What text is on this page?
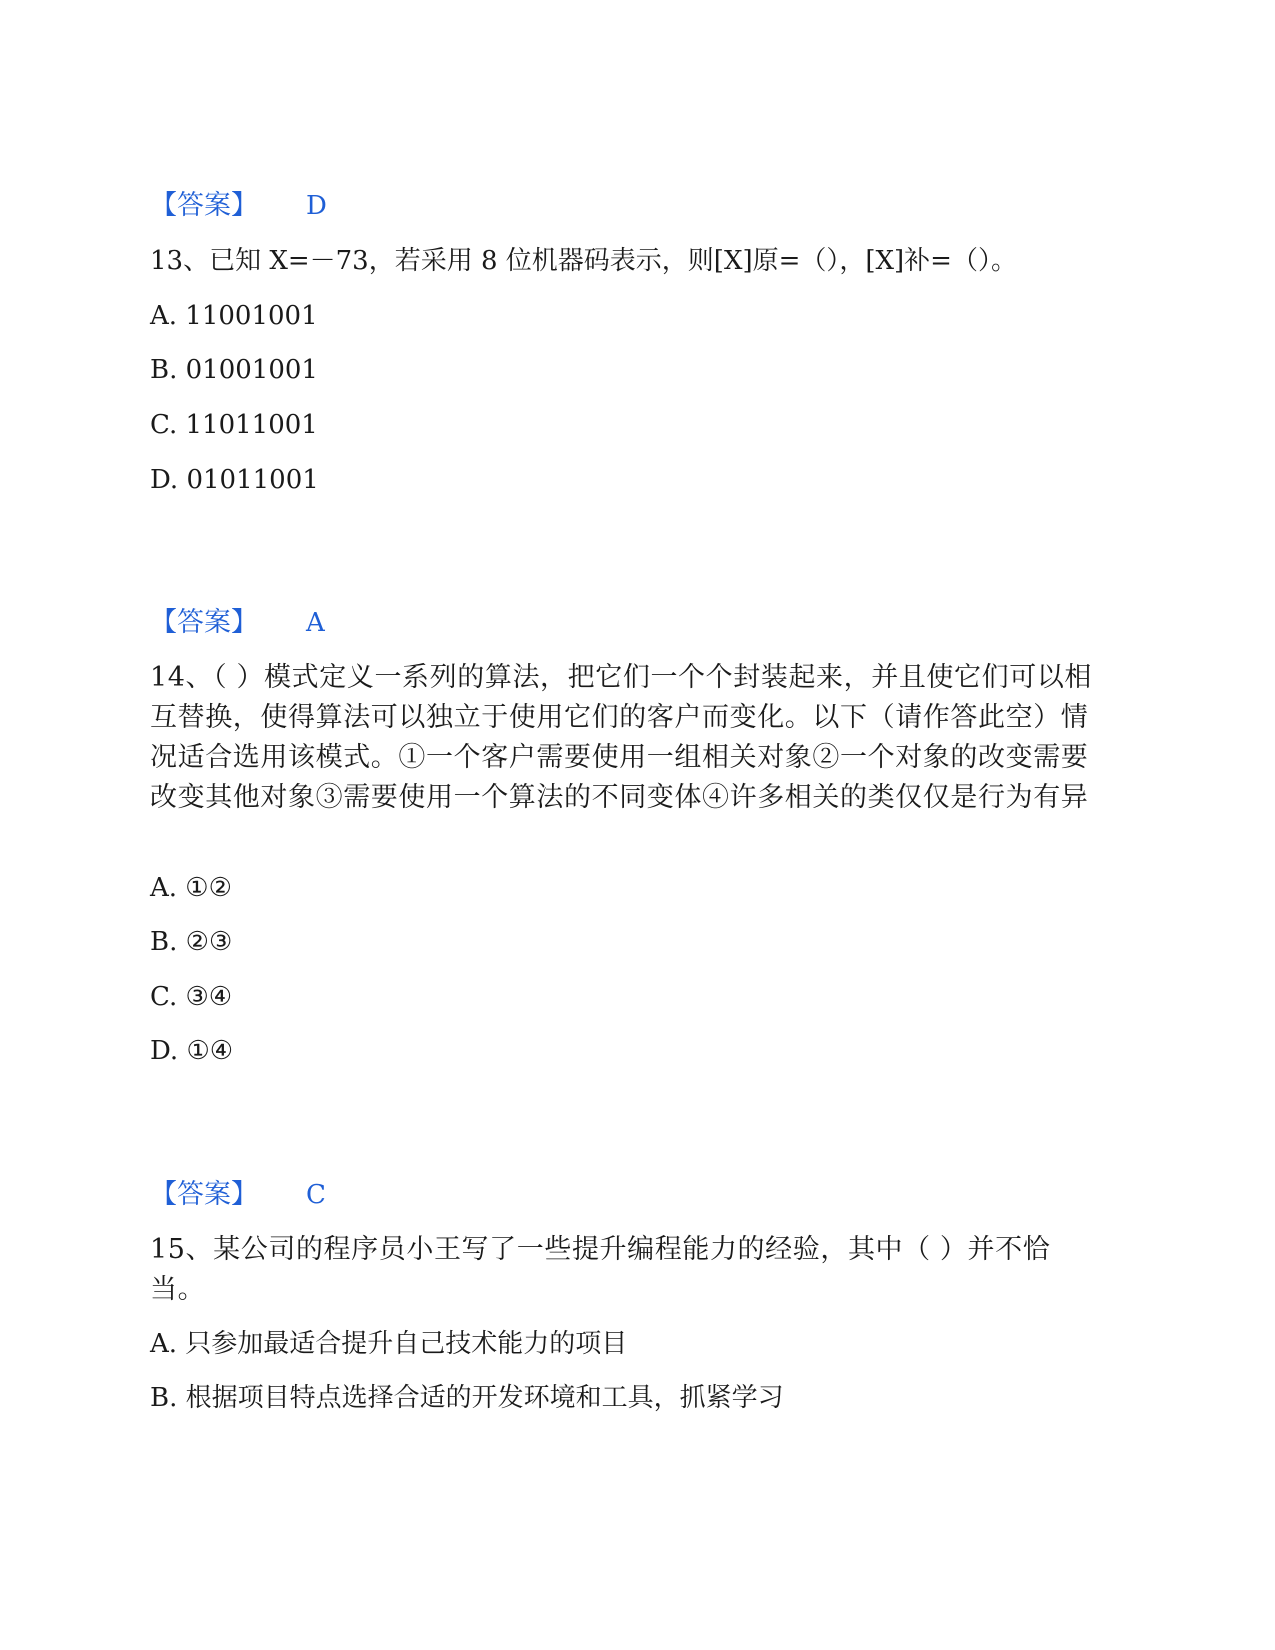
【答案】 D
13、已知 X=－73，若采用 8 位机器码表示，则[X]原=（），[X]补=（）。
A. 11001001
B. 01001001
C. 11011001
D. 01011001
【答案】 A
14、（ ）模式定义一系列的算法，把它们一个个封装起来，并且使它们可以相互替换，使得算法可以独立于使用它们的客户而变化。以下（请作答此空）情况适合选用该模式。①一个客户需要使用一组相关对象②一个对象的改变需要改变其他对象③需要使用一个算法的不同变体④许多相关的类仅仅是行为有异
A. ①②
B. ②③
C. ③④
D. ①④
【答案】 C
15、某公司的程序员小王写了一些提升编程能力的经验，其中（ ）并不恰当。
A. 只参加最适合提升自己技术能力的项目
B. 根据项目特点选择合适的开发环境和工具，抓紧学习
